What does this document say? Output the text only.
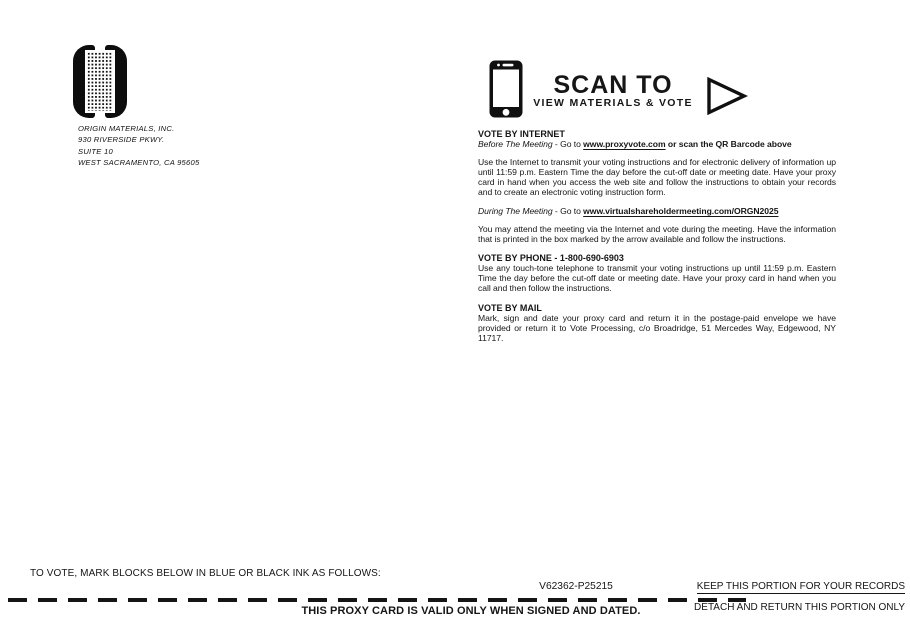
ORIGIN MATERIALS, INC.
930 RIVERSIDE PKWY.
SUITE 10
WEST SACRAMENTO, CA 95605
SCAN TO
VIEW MATERIALS & VOTE
VOTE BY INTERNET
Before The Meeting - Go to www.proxyvote.com or scan the QR Barcode above

Use the Internet to transmit your voting instructions and for electronic delivery of information up until 11:59 p.m. Eastern Time the day before the cut-off date or meeting date. Have your proxy card in hand when you access the web site and follow the instructions to obtain your records and to create an electronic voting instruction form.

During The Meeting - Go to www.virtualshareholdermeeting.com/ORGN2025

You may attend the meeting via the Internet and vote during the meeting. Have the information that is printed in the box marked by the arrow available and follow the instructions.

VOTE BY PHONE - 1-800-690-6903

Use any touch-tone telephone to transmit your voting instructions up until 11:59 p.m. Eastern Time the day before the cut-off date or meeting date. Have your proxy card in hand when you call and then follow the instructions.

VOTE BY MAIL

Mark, sign and date your proxy card and return it in the postage-paid envelope we have provided or return it to Vote Processing, c/o Broadridge, 51 Mercedes Way, Edgewood, NY 11717.

TO VOTE, MARK BLOCKS BELOW IN BLUE OR BLACK INK AS FOLLOWS:
V62362-P25215	KEEP THIS PORTION FOR YOUR RECORDS
DETACH AND RETURN THIS PORTION ONLY
THIS PROXY CARD IS VALID ONLY WHEN SIGNED AND DATED.
